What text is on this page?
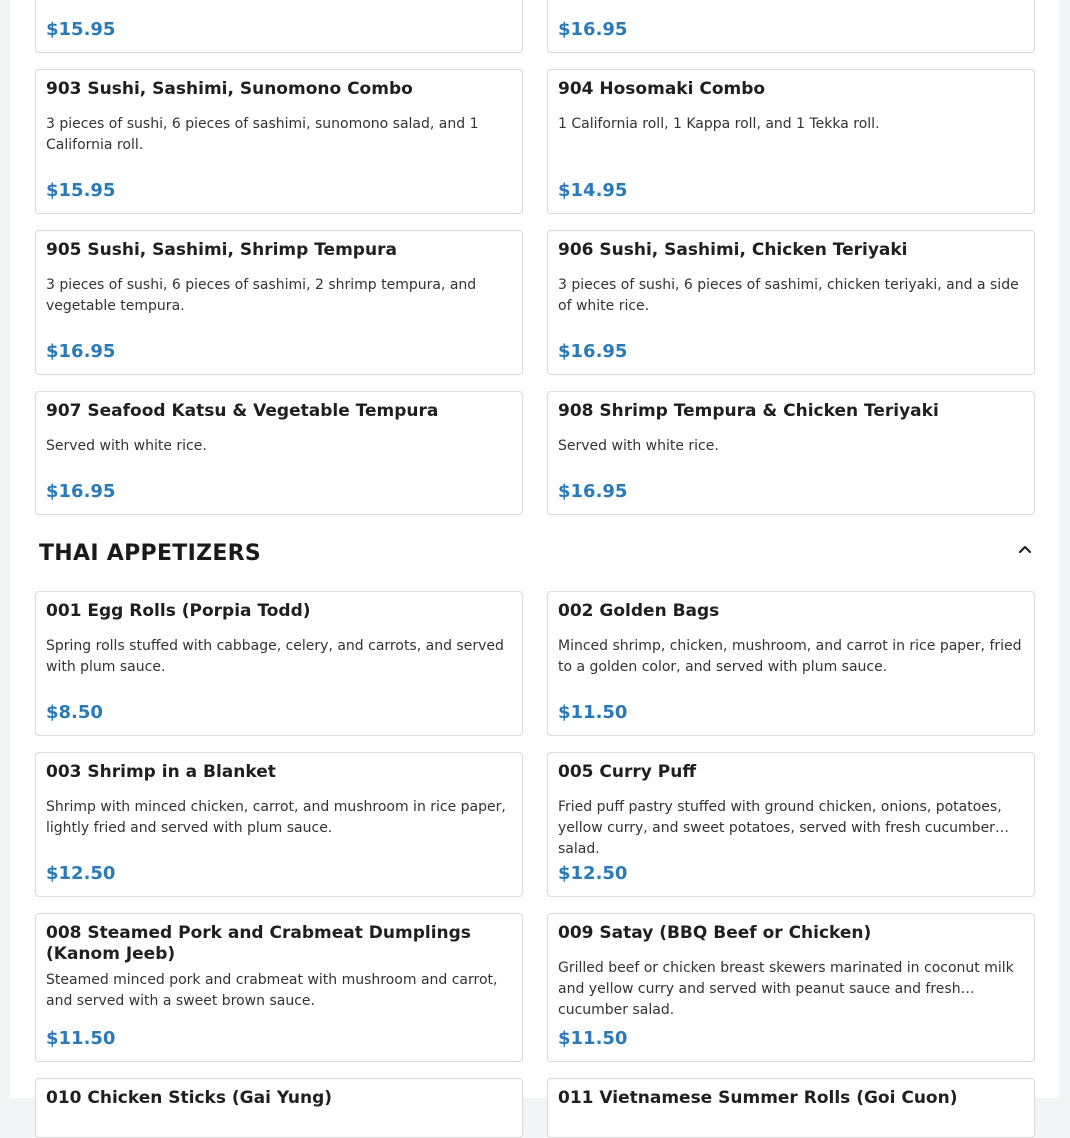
$15.95	$16.95
903 Sushi, Sashimi, Sunomono Combo
3 pieces of sushi, 6 pieces of sashimi, sunomono salad, and 1 California roll.
$15.95
904 Hosomaki Combo
1 California roll, 1 Kappa roll, and 1 Tekka roll.
$14.95
905 Sushi, Sashimi, Shrimp Tempura
3 pieces of sushi, 6 pieces of sashimi, 2 shrimp tempura, and vegetable tempura.
$16.95
906 Sushi, Sashimi, Chicken Teriyaki
3 pieces of sushi, 6 pieces of sashimi, chicken teriyaki, and a side of white rice.
$16.95
907 Seafood Katsu & Vegetable Tempura
Served with white rice.
$16.95
908 Shrimp Tempura & Chicken Teriyaki
Served with white rice.
$16.95
THAI APPETIZERS
001 Egg Rolls (Porpia Todd)
Spring rolls stuffed with cabbage, celery, and carrots, and served with plum sauce.
$8.50
002 Golden Bags
Minced shrimp, chicken, mushroom, and carrot in rice paper, fried to a golden color, and served with plum sauce.
$11.50
003 Shrimp in a Blanket
Shrimp with minced chicken, carrot, and mushroom in rice paper, lightly fried and served with plum sauce.
$12.50
005 Curry Puff
Fried puff pastry stuffed with ground chicken, onions, potatoes, yellow curry, and sweet potatoes, served with fresh cucumber salad.
$12.50
008 Steamed Pork and Crabmeat Dumplings (Kanom Jeeb)
Steamed minced pork and crabmeat with mushroom and carrot, and served with a sweet brown sauce.
$11.50
009 Satay (BBQ Beef or Chicken)
Grilled beef or chicken breast skewers marinated in coconut milk and yellow curry and served with peanut sauce and fresh cucumber salad.
$11.50
010 Chicken Sticks (Gai Yung)	011 Vietnamese Summer Rolls (Goi Cuon)
